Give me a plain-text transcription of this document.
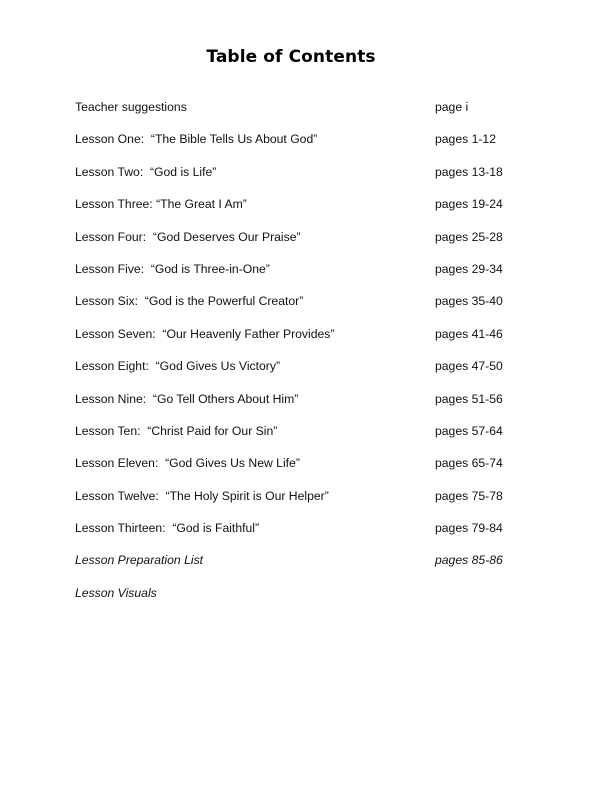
Table of Contents
Teacher suggestions	page i
Lesson One:  “The Bible Tells Us About God”	pages 1-12
Lesson Two:  “God is Life”	pages 13-18
Lesson Three: “The Great I Am”	pages 19-24
Lesson Four:  “God Deserves Our Praise”	pages 25-28
Lesson Five:  “God is Three-in-One”	pages 29-34
Lesson Six:  “God is the Powerful Creator”	pages 35-40
Lesson Seven:  “Our Heavenly Father Provides”	pages 41-46
Lesson Eight:  “God Gives Us Victory”	pages 47-50
Lesson Nine:  “Go Tell Others About Him”	pages 51-56
Lesson Ten:  “Christ Paid for Our Sin”	pages 57-64
Lesson Eleven:  “God Gives Us New Life”	pages 65-74
Lesson Twelve:  “The Holy Spirit is Our Helper”	pages 75-78
Lesson Thirteen:  “God is Faithful”	pages 79-84
Lesson Preparation List	pages 85-86
Lesson Visuals
